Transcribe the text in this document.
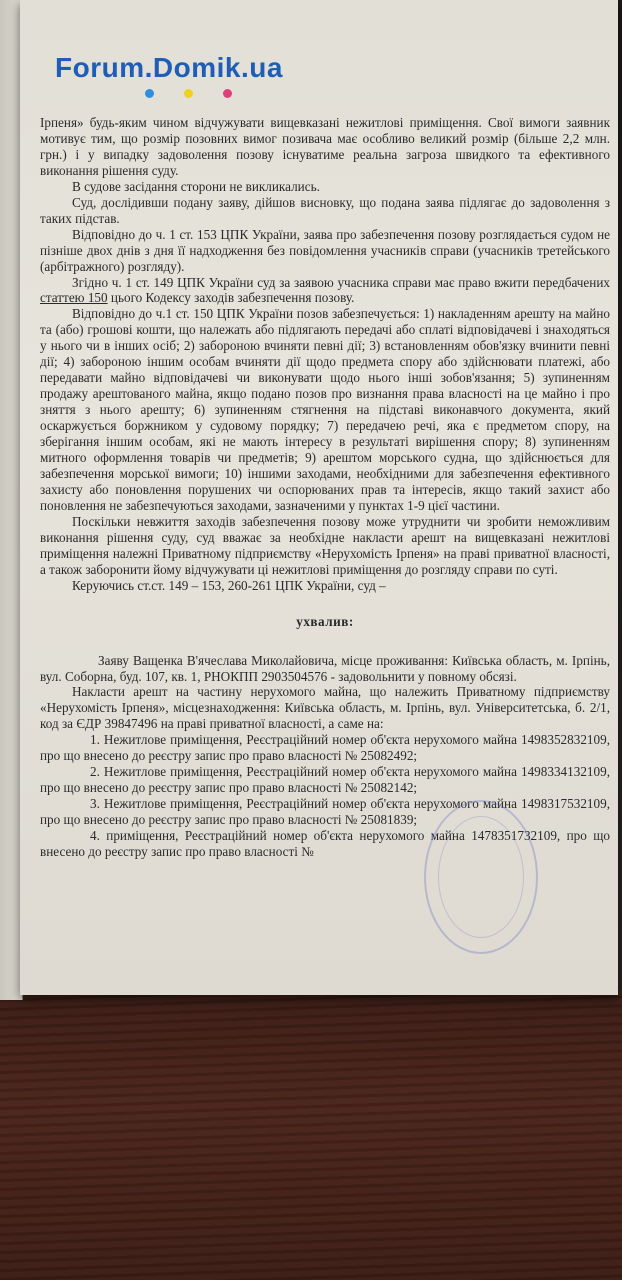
Forum.Domik.ua

Ірпеня» будь-яким чином відчужувати вищевказані нежитлові приміщення. Свої вимоги заявник мотивує тим, що розмір позовних вимог позивача має особливо великий розмір (більше 2,2 млн. грн.) і у випадку задоволення позову існуватиме реальна загроза швидкого та ефективного виконання рішення суду.

В судове засідання сторони не викликались.

Суд, дослідивши подану заяву, дійшов висновку, що подана заява підлягає до задоволення з таких підстав.

Відповідно до ч. 1 ст. 153 ЦПК України, заява про забезпечення позову розглядається судом не пізніше двох днів з дня її надходження без повідомлення учасників справи (учасників третейського (арбітражного) розгляду).

Згідно ч. 1 ст. 149 ЦПК України суд за заявою учасника справи має право вжити передбачених статтею 150 цього Кодексу заходів забезпечення позову.

Відповідно до ч.1 ст. 150 ЦПК України позов забезпечується: 1) накладенням арешту на майно та (або) грошові кошти, що належать або підлягають передачі або сплаті відповідачеві і знаходяться у нього чи в інших осіб; 2) забороною вчиняти певні дії; 3) встановленням обов'язку вчинити певні дії; 4) забороною іншим особам вчиняти дії щодо предмета спору або здійснювати платежі, або передавати майно відповідачеві чи виконувати щодо нього інші зобов'язання; 5) зупиненням продажу арештованого майна, якщо подано позов про визнання права власності на це майно і про зняття з нього арешту; 6) зупиненням стягнення на підставі виконавчого документа, який оскаржується боржником у судовому порядку; 7) передачею речі, яка є предметом спору, на зберігання іншим особам, які не мають інтересу в результаті вирішення спору; 8) зупиненням митного оформлення товарів чи предметів; 9) арештом морського судна, що здійснюється для забезпечення морської вимоги; 10) іншими заходами, необхідними для забезпечення ефективного захисту або поновлення порушених чи оспорюваних прав та інтересів, якщо такий захист або поновлення не забезпечуються заходами, зазначеними у пунктах 1-9 цієї частини.

Поскільки невжиття заходів забезпечення позову може утруднити чи зробити неможливим виконання рішення суду, суд вважає за необхідне накласти арешт на вищевказані нежитлові приміщення належні Приватному підприємству «Нерухомість Ірпеня» на праві приватної власності, а також заборонити йому відчужувати ці нежитлові приміщення до розгляду справи по суті.

Керуючись ст.ст. 149 – 153, 260-261 ЦПК України, суд –

ухвалив:

Заяву Ващенка В'ячеслава Миколайовича, місце проживання: Київська область, м. Ірпінь, вул. Соборна, буд. 107, кв. 1, РНОКПП 2903504576 - задовольнити у повному обсязі.

Накласти арешт на частину нерухомого майна, що належить Приватному підприємству «Нерухомість Ірпеня», місцезнаходження: Київська область, м. Ірпінь, вул. Університетська, б. 2/1, код за ЄДР 39847496 на праві приватної власності, а саме на:

1. Нежитлове приміщення, Реєстраційний номер об'єкта нерухомого майна 1498352832109, про що внесено до реєстру запис про право власності № 25082492;

2. Нежитлове приміщення, Реєстраційний номер об'єкта нерухомого майна 1498334132109, про що внесено до реєстру запис про право власності № 25082142;

3. Нежитлове приміщення, Реєстраційний номер об'єкта нерухомого майна 1498317532109, про що внесено до реєстру запис про право власності № 25081839;

4. приміщення, Реєстраційний номер об'єкта нерухомого майна 1478351732109, про що внесено до реєстру запис про право власності №
